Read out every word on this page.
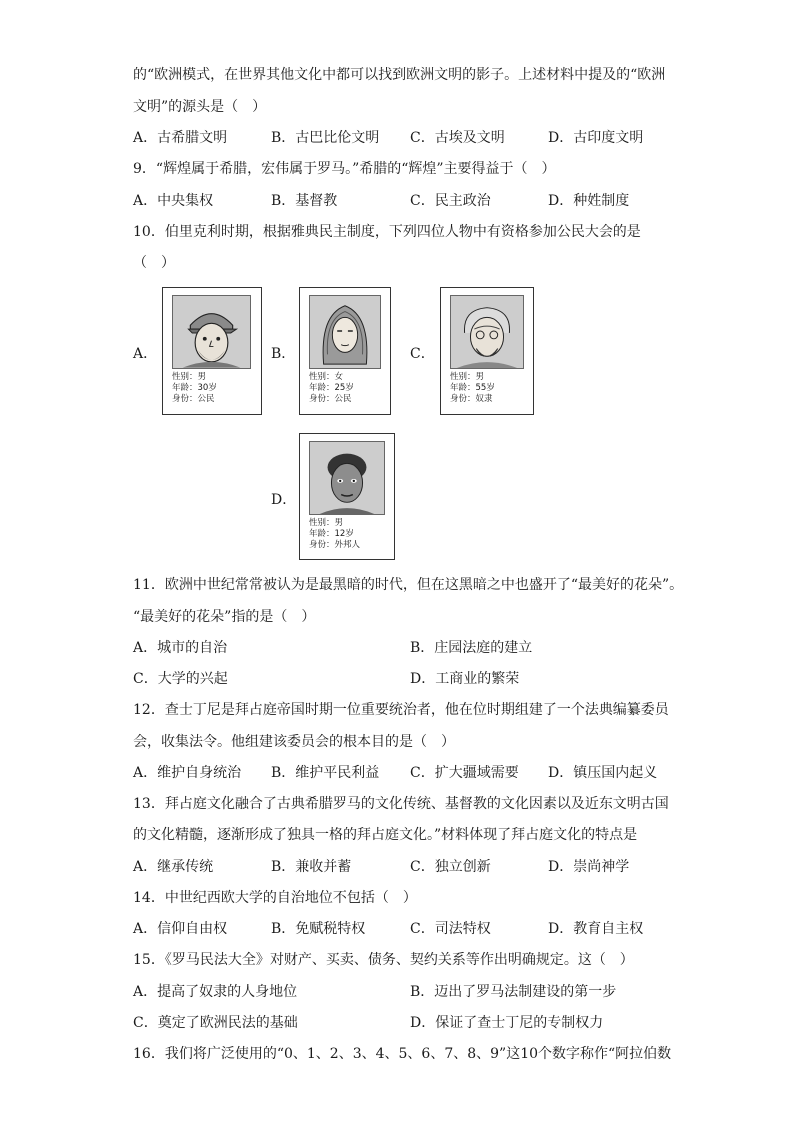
的“欧洲模式，在世界其他文化中都可以找到欧洲文明的影子。上述材料中提及的“欧洲
文明”的源头是（　）
A．古希腊文明	B．古巴比伦文明 C．古埃及文明	D．古印度文明
9．“辉煌属于希腊，宏伟属于罗马。”希腊的“辉煌”主要得益于（　）
A．中央集权	B．基督教	C．民主政治	D．种姓制度
10．伯里克利时期，根据雅典民主制度，下列四位人物中有资格参加公民大会的是
（　）
A．
性别：男
年龄：30岁
身份：公民
B．
性别：女
年龄：25岁
身份：公民
C．
性别：男
年龄：55岁
身份：奴隶
D．
性别：男
年龄：12岁
身份：外邦人
11．欧洲中世纪常常被认为是最黑暗的时代，但在这黑暗之中也盛开了“最美好的花朵”。
“最美好的花朵”指的是（　）
A．城市的自治	B．庄园法庭的建立
C．大学的兴起	D．工商业的繁荣
12．查士丁尼是拜占庭帝国时期一位重要统治者，他在位时期组建了一个法典编纂委员
会，收集法令。他组建该委员会的根本目的是（　）
A．维护自身统治 B．维护平民利益 C．扩大疆域需要 D．镇压国内起义
13．拜占庭文化融合了古典希腊罗马的文化传统、基督教的文化因素以及近东文明古国
的文化精髓，逐渐形成了独具一格的拜占庭文化。”材料体现了拜占庭文化的特点是
A．继承传统	B．兼收并蓄	C．独立创新	D．崇尚神学
14．中世纪西欧大学的自治地位不包括（　）
A．信仰自由权	B．免赋税特权	C．司法特权	D．教育自主权
15．《罗马民法大全》对财产、买卖、债务、契约关系等作出明确规定。这（　）
A．提高了奴隶的人身地位	B．迈出了罗马法制建设的第一步
C．奠定了欧洲民法的基础	D．保证了查士丁尼的专制权力
16．我们将广泛使用的“0、1、2、3、4、5、6、7、8、9”这10个数字称作“阿拉伯数
